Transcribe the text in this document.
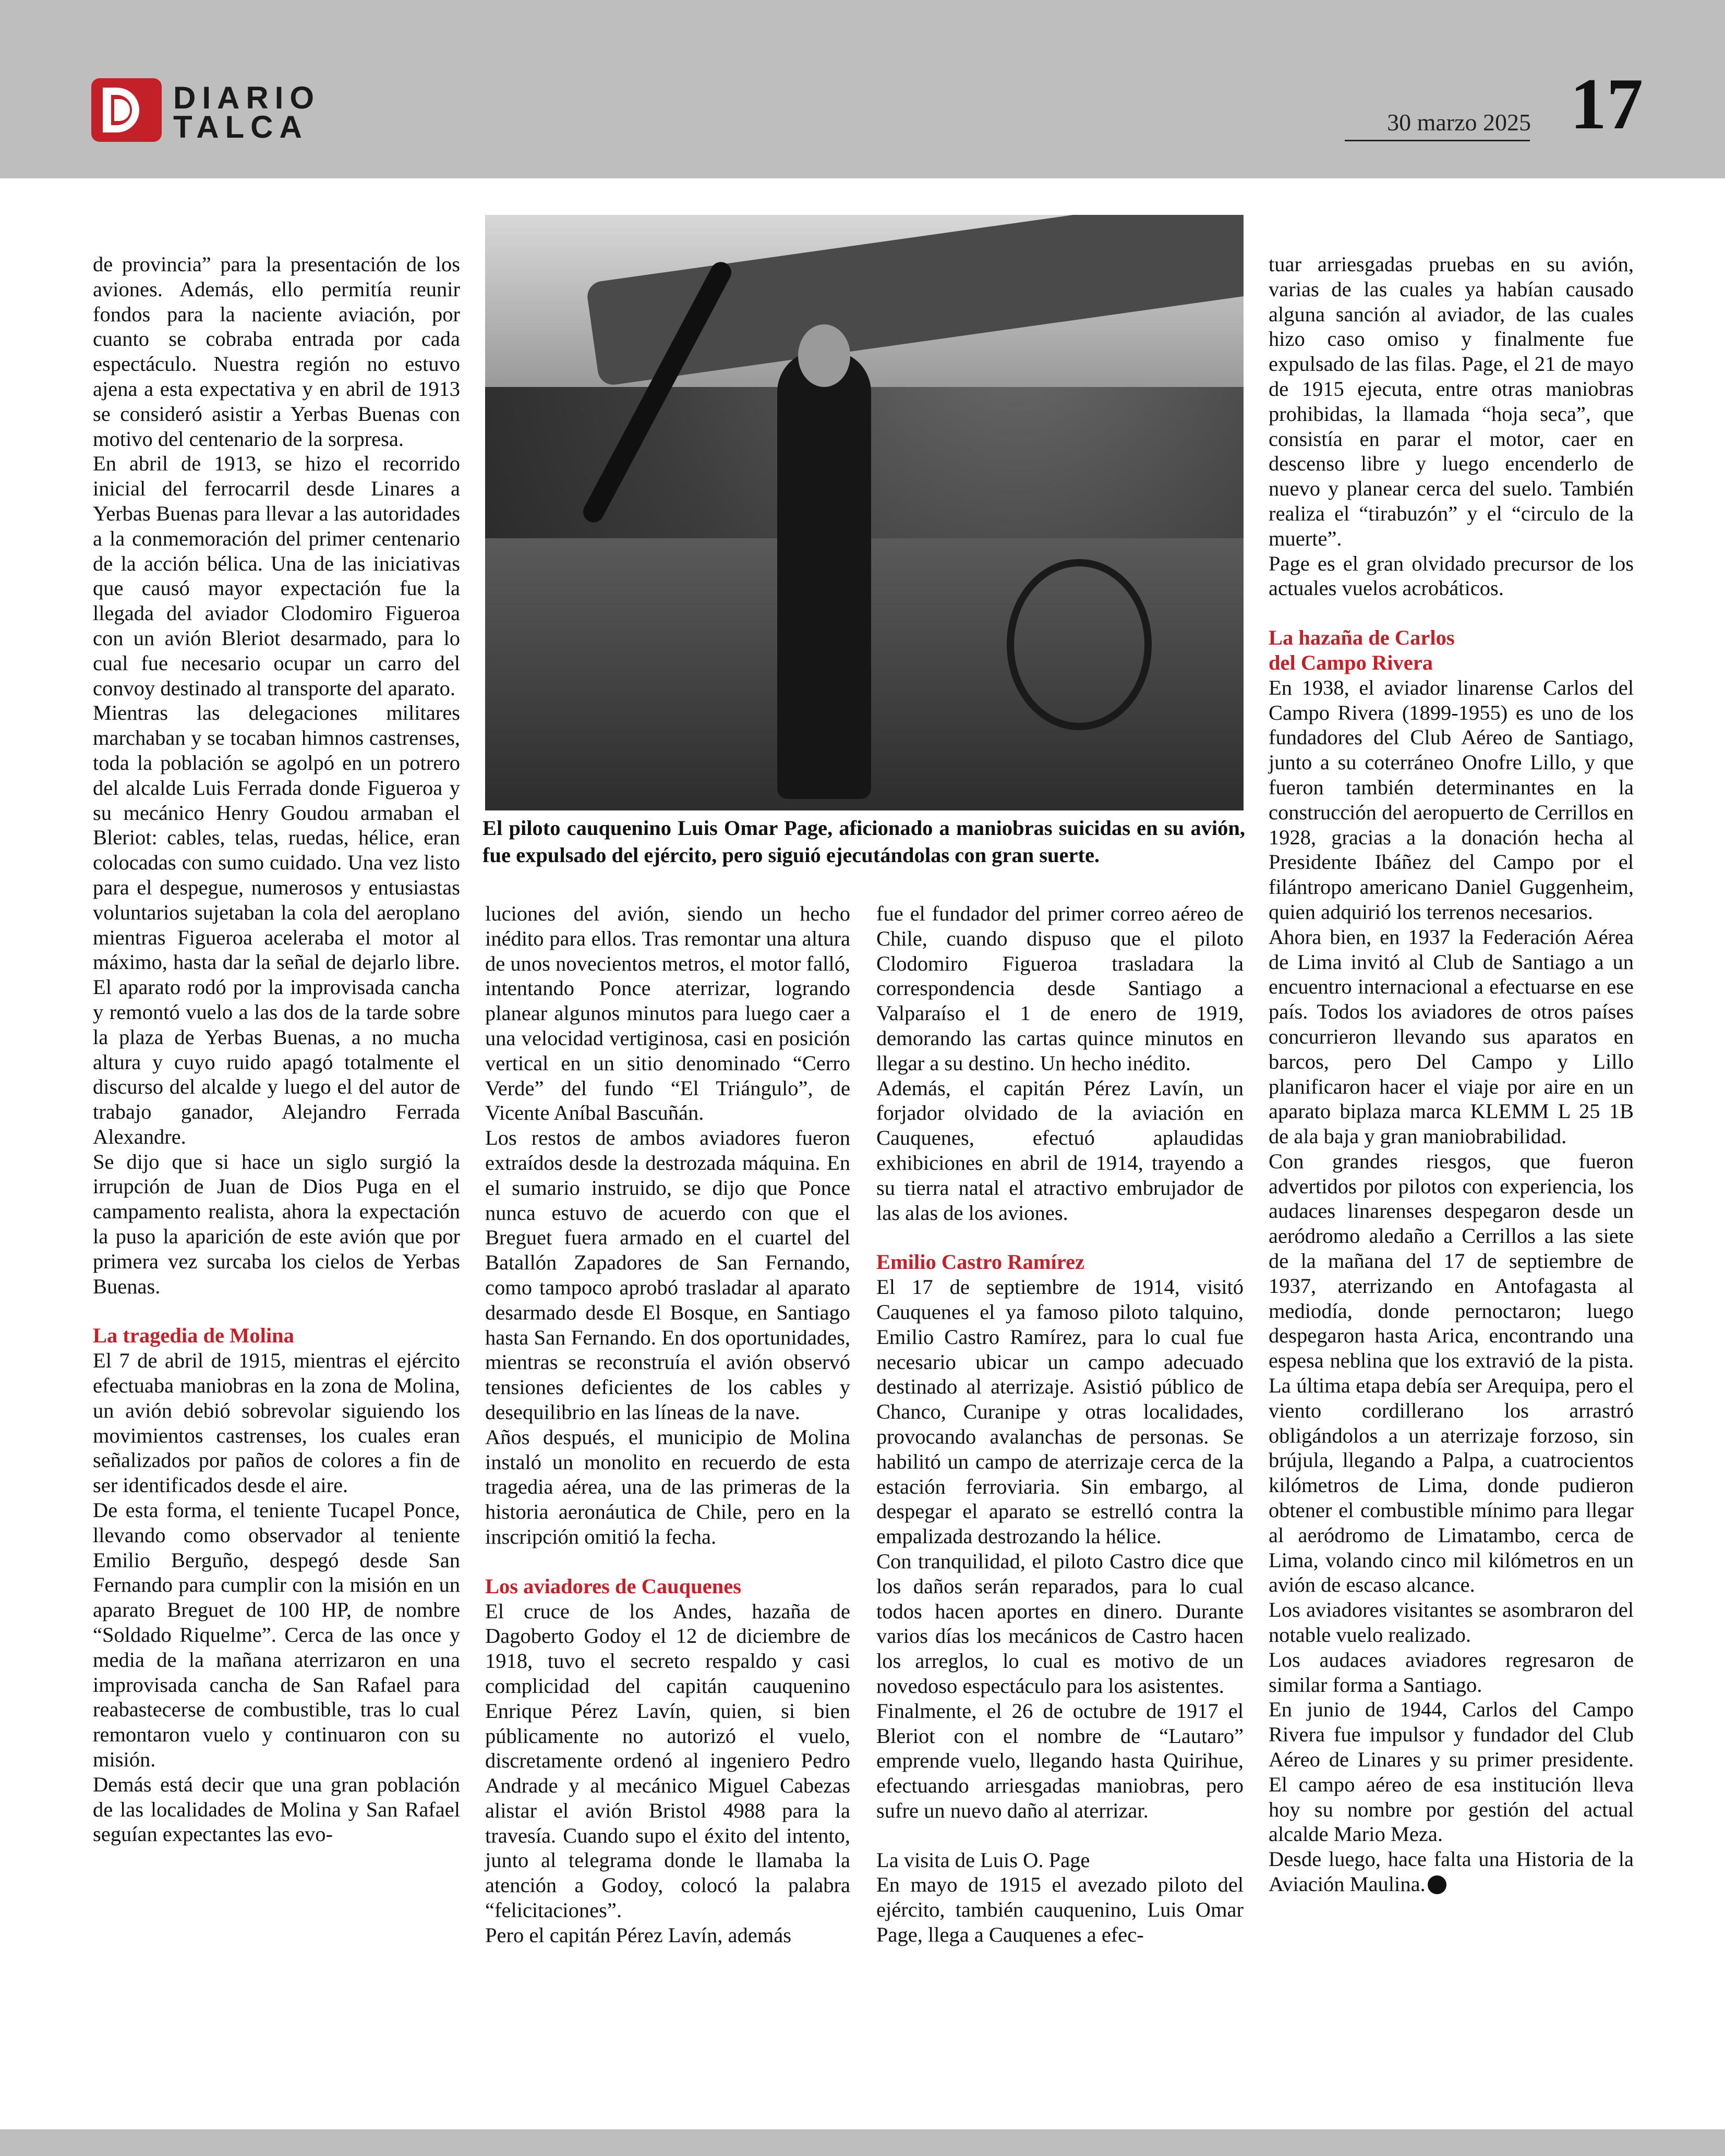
DIARIO
TALCA	30 marzo 2025 17
El piloto cauquenino Luis Omar Page, aficionado a maniobras suicidas en su avión, fue expulsado del ejército, pero siguió ejecutándolas con gran suerte.

de provincia” para la presentación de los aviones. Además, ello permitía reunir fondos para la naciente aviación, por cuanto se cobraba entrada por cada espectáculo. Nuestra región no estuvo ajena a esta expectativa y en abril de 1913 se consideró asistir a Yerbas Buenas con motivo del centenario de la sorpresa.

En abril de 1913, se hizo el recorrido inicial del ferrocarril desde Linares a Yerbas Buenas para llevar a las autoridades a la conmemoración del primer centenario de la acción bélica. Una de las iniciativas que causó mayor expectación fue la llegada del aviador Clodomiro Figueroa con un avión Bleriot desarmado, para lo cual fue necesario ocupar un carro del convoy destinado al transporte del aparato.

Mientras las delegaciones militares marchaban y se tocaban himnos castrenses, toda la población se agolpó en un potrero del alcalde Luis Ferrada donde Figueroa y su mecánico Henry Goudou armaban el Bleriot: cables, telas, ruedas, hélice, eran colocadas con sumo cuidado. Una vez listo para el despegue, numerosos y entusiastas voluntarios sujetaban la cola del aeroplano mientras Figueroa aceleraba el motor al máximo, hasta dar la señal de dejarlo libre. El aparato rodó por la improvisada cancha y remontó vuelo a las dos de la tarde sobre la plaza de Yerbas Buenas, a no mucha altura y cuyo ruido apagó totalmente el discurso del alcalde y luego el del autor de trabajo ganador, Alejandro Ferrada Alexandre.

Se dijo que si hace un siglo surgió la irrupción de Juan de Dios Puga en el campamento realista, ahora la expectación la puso la aparición de este avión que por primera vez surcaba los cielos de Yerbas Buenas.

La tragedia de Molina

El 7 de abril de 1915, mientras el ejército efectuaba maniobras en la zona de Molina, un avión debió sobrevolar siguiendo los movimientos castrenses, los cuales eran señalizados por paños de colores a fin de ser identificados desde el aire.

De esta forma, el teniente Tucapel Ponce, llevando como observador al teniente Emilio Berguño, despegó desde San Fernando para cumplir con la misión en un aparato Breguet de 100 HP, de nombre “Soldado Riquelme”. Cerca de las once y media de la mañana aterrizaron en una improvisada cancha de San Rafael para reabastecerse de combustible, tras lo cual remontaron vuelo y continuaron con su misión.

Demás está decir que una gran población de las localidades de Molina y San Rafael seguían expectantes las evo-

luciones del avión, siendo un hecho inédito para ellos. Tras remontar una altura de unos novecientos metros, el motor falló, intentando Ponce aterrizar, logrando planear algunos minutos para luego caer a una velocidad vertiginosa, casi en posición vertical en un sitio denominado “Cerro Verde” del fundo “El Triángulo”, de Vicente Aníbal Bascuñán.

Los restos de ambos aviadores fueron extraídos desde la destrozada máquina. En el sumario instruido, se dijo que Ponce nunca estuvo de acuerdo con que el Breguet fuera armado en el cuartel del Batallón Zapadores de San Fernando, como tampoco aprobó trasladar al aparato desarmado desde El Bosque, en Santiago hasta San Fernando. En dos oportunidades, mientras se reconstruía el avión observó tensiones deficientes de los cables y desequilibrio en las líneas de la nave.

Años después, el municipio de Molina instaló un monolito en recuerdo de esta tragedia aérea, una de las primeras de la historia aeronáutica de Chile, pero en la inscripción omitió la fecha.

Los aviadores de Cauquenes

El cruce de los Andes, hazaña de Dagoberto Godoy el 12 de diciembre de 1918, tuvo el secreto respaldo y casi complicidad del capitán cauquenino Enrique Pérez Lavín, quien, si bien públicamente no autorizó el vuelo, discretamente ordenó al ingeniero Pedro Andrade y al mecánico Miguel Cabezas alistar el avión Bristol 4988 para la travesía. Cuando supo el éxito del intento, junto al telegrama donde le llamaba la atención a Godoy, colocó la palabra “felicitaciones”.

Pero el capitán Pérez Lavín, además

fue el fundador del primer correo aéreo de Chile, cuando dispuso que el piloto Clodomiro Figueroa trasladara la correspondencia desde Santiago a Valparaíso el 1 de enero de 1919, demorando las cartas quince minutos en llegar a su destino. Un hecho inédito.

Además, el capitán Pérez Lavín, un forjador olvidado de la aviación en Cauquenes, efectuó aplaudidas exhibiciones en abril de 1914, trayendo a su tierra natal el atractivo embrujador de las alas de los aviones.

Emilio Castro Ramírez

El 17 de septiembre de 1914, visitó Cauquenes el ya famoso piloto talquino, Emilio Castro Ramírez, para lo cual fue necesario ubicar un campo adecuado destinado al aterrizaje. Asistió público de Chanco, Curanipe y otras localidades, provocando avalanchas de personas. Se habilitó un campo de aterrizaje cerca de la estación ferroviaria. Sin embargo, al despegar el aparato se estrelló contra la empalizada destrozando la hélice.

Con tranquilidad, el piloto Castro dice que los daños serán reparados, para lo cual todos hacen aportes en dinero. Durante varios días los mecánicos de Castro hacen los arreglos, lo cual es motivo de un novedoso espectáculo para los asistentes.

Finalmente, el 26 de octubre de 1917 el Bleriot con el nombre de “Lautaro” emprende vuelo, llegando hasta Quirihue, efectuando arriesgadas maniobras, pero sufre un nuevo daño al aterrizar.

La visita de Luis O. Page

En mayo de 1915 el avezado piloto del ejército, también cauquenino, Luis Omar Page, llega a Cauquenes a efec-

tuar arriesgadas pruebas en su avión, varias de las cuales ya habían causado alguna sanción al aviador, de las cuales hizo caso omiso y finalmente fue expulsado de las filas. Page, el 21 de mayo de 1915 ejecuta, entre otras maniobras prohibidas, la llamada “hoja seca”, que consistía en parar el motor, caer en descenso libre y luego encenderlo de nuevo y planear cerca del suelo. También realiza el “tirabuzón” y el “circulo de la muerte”.

Page es el gran olvidado precursor de los actuales vuelos acrobáticos.

La hazaña de Carlos
del Campo Rivera

En 1938, el aviador linarense Carlos del Campo Rivera (1899-1955) es uno de los fundadores del Club Aéreo de Santiago, junto a su coterráneo Onofre Lillo, y que fueron también determinantes en la construcción del aeropuerto de Cerrillos en 1928, gracias a la donación hecha al Presidente Ibáñez del Campo por el filántropo americano Daniel Guggenheim, quien adquirió los terrenos necesarios.

Ahora bien, en 1937 la Federación Aérea de Lima invitó al Club de Santiago a un encuentro internacional a efectuarse en ese país. Todos los aviadores de otros países concurrieron llevando sus aparatos en barcos, pero Del Campo y Lillo planificaron hacer el viaje por aire en un aparato biplaza marca KLEMM L 25 1B de ala baja y gran maniobrabilidad.

Con grandes riesgos, que fueron advertidos por pilotos con experiencia, los audaces linarenses despegaron desde un aeródromo aledaño a Cerrillos a las siete de la mañana del 17 de septiembre de 1937, aterrizando en Antofagasta al mediodía, donde pernoctaron; luego despegaron hasta Arica, encontrando una espesa neblina que los extravió de la pista. La última etapa debía ser Arequipa, pero el viento cordillerano los arrastró obligándolos a un aterrizaje forzoso, sin brújula, llegando a Palpa, a cuatrocientos kilómetros de Lima, donde pudieron obtener el combustible mínimo para llegar al aeródromo de Limatambo, cerca de Lima, volando cinco mil kilómetros en un avión de escaso alcance.

Los aviadores visitantes se asombraron del notable vuelo realizado.

Los audaces aviadores regresaron de similar forma a Santiago.

En junio de 1944, Carlos del Campo Rivera fue impulsor y fundador del Club Aéreo de Linares y su primer presidente. El campo aéreo de esa institución lleva hoy su nombre por gestión del actual alcalde Mario Meza.

Desde luego, hace falta una Historia de la Aviación Maulina.
